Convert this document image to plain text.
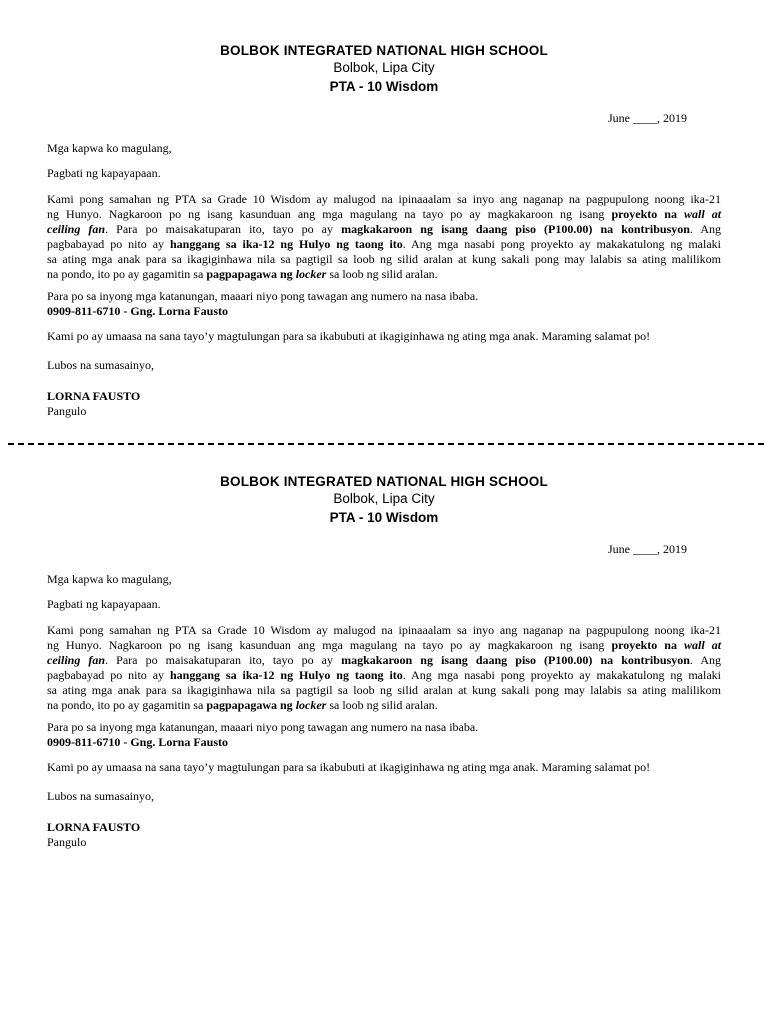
BOLBOK INTEGRATED NATIONAL HIGH SCHOOL
Bolbok, Lipa City
PTA - 10 Wisdom
June ____, 2019
Mga kapwa ko magulang,
Pagbati ng kapayapaan.
Kami pong samahan ng PTA sa Grade 10 Wisdom ay malugod na ipinaaalam sa inyo ang naganap na pagpupulong noong ika-21
ng Hunyo. Nagkaroon po ng isang kasunduan ang mga magulang na tayo po ay magkakaroon ng isang proyekto na wall at
ceiling fan. Para po maisakatuparan ito, tayo po ay magkakaroon ng isang daang piso (P100.00) na kontribusyon. Ang
pagbabayad po nito ay hanggang sa ika-12 ng Hulyo ng taong ito. Ang mga nasabi pong proyekto ay makakatulong ng malaki
sa ating mga anak para sa ikagiginhawa nila sa pagtigil sa loob ng silid aralan at kung sakali pong may lalabis sa ating malilikom
na pondo, ito po ay gagamitin sa pagpapagawa ng locker sa loob ng silid aralan.
Para po sa inyong mga katanungan, maaari niyo pong tawagan ang numero na nasa ibaba.
0909-811-6710 - Gng. Lorna Fausto
Kami po ay umaasa na sana tayo’y magtulungan para sa ikabubuti at ikagiginhawa ng ating mga anak. Maraming salamat po!
Lubos na sumasainyo,
LORNA FAUSTO
Pangulo
BOLBOK INTEGRATED NATIONAL HIGH SCHOOL
Bolbok, Lipa City
PTA - 10 Wisdom
June ____, 2019
Mga kapwa ko magulang,
Pagbati ng kapayapaan.
Kami pong samahan ng PTA sa Grade 10 Wisdom ay malugod na ipinaaalam sa inyo ang naganap na pagpupulong noong ika-21
ng Hunyo. Nagkaroon po ng isang kasunduan ang mga magulang na tayo po ay magkakaroon ng isang proyekto na wall at
ceiling fan. Para po maisakatuparan ito, tayo po ay magkakaroon ng isang daang piso (P100.00) na kontribusyon. Ang
pagbabayad po nito ay hanggang sa ika-12 ng Hulyo ng taong ito. Ang mga nasabi pong proyekto ay makakatulong ng malaki
sa ating mga anak para sa ikagiginhawa nila sa pagtigil sa loob ng silid aralan at kung sakali pong may lalabis sa ating malilikom
na pondo, ito po ay gagamitin sa pagpapagawa ng locker sa loob ng silid aralan.
Para po sa inyong mga katanungan, maaari niyo pong tawagan ang numero na nasa ibaba.
0909-811-6710 - Gng. Lorna Fausto
Kami po ay umaasa na sana tayo’y magtulungan para sa ikabubuti at ikagiginhawa ng ating mga anak. Maraming salamat po!
Lubos na sumasainyo,
LORNA FAUSTO
Pangulo
